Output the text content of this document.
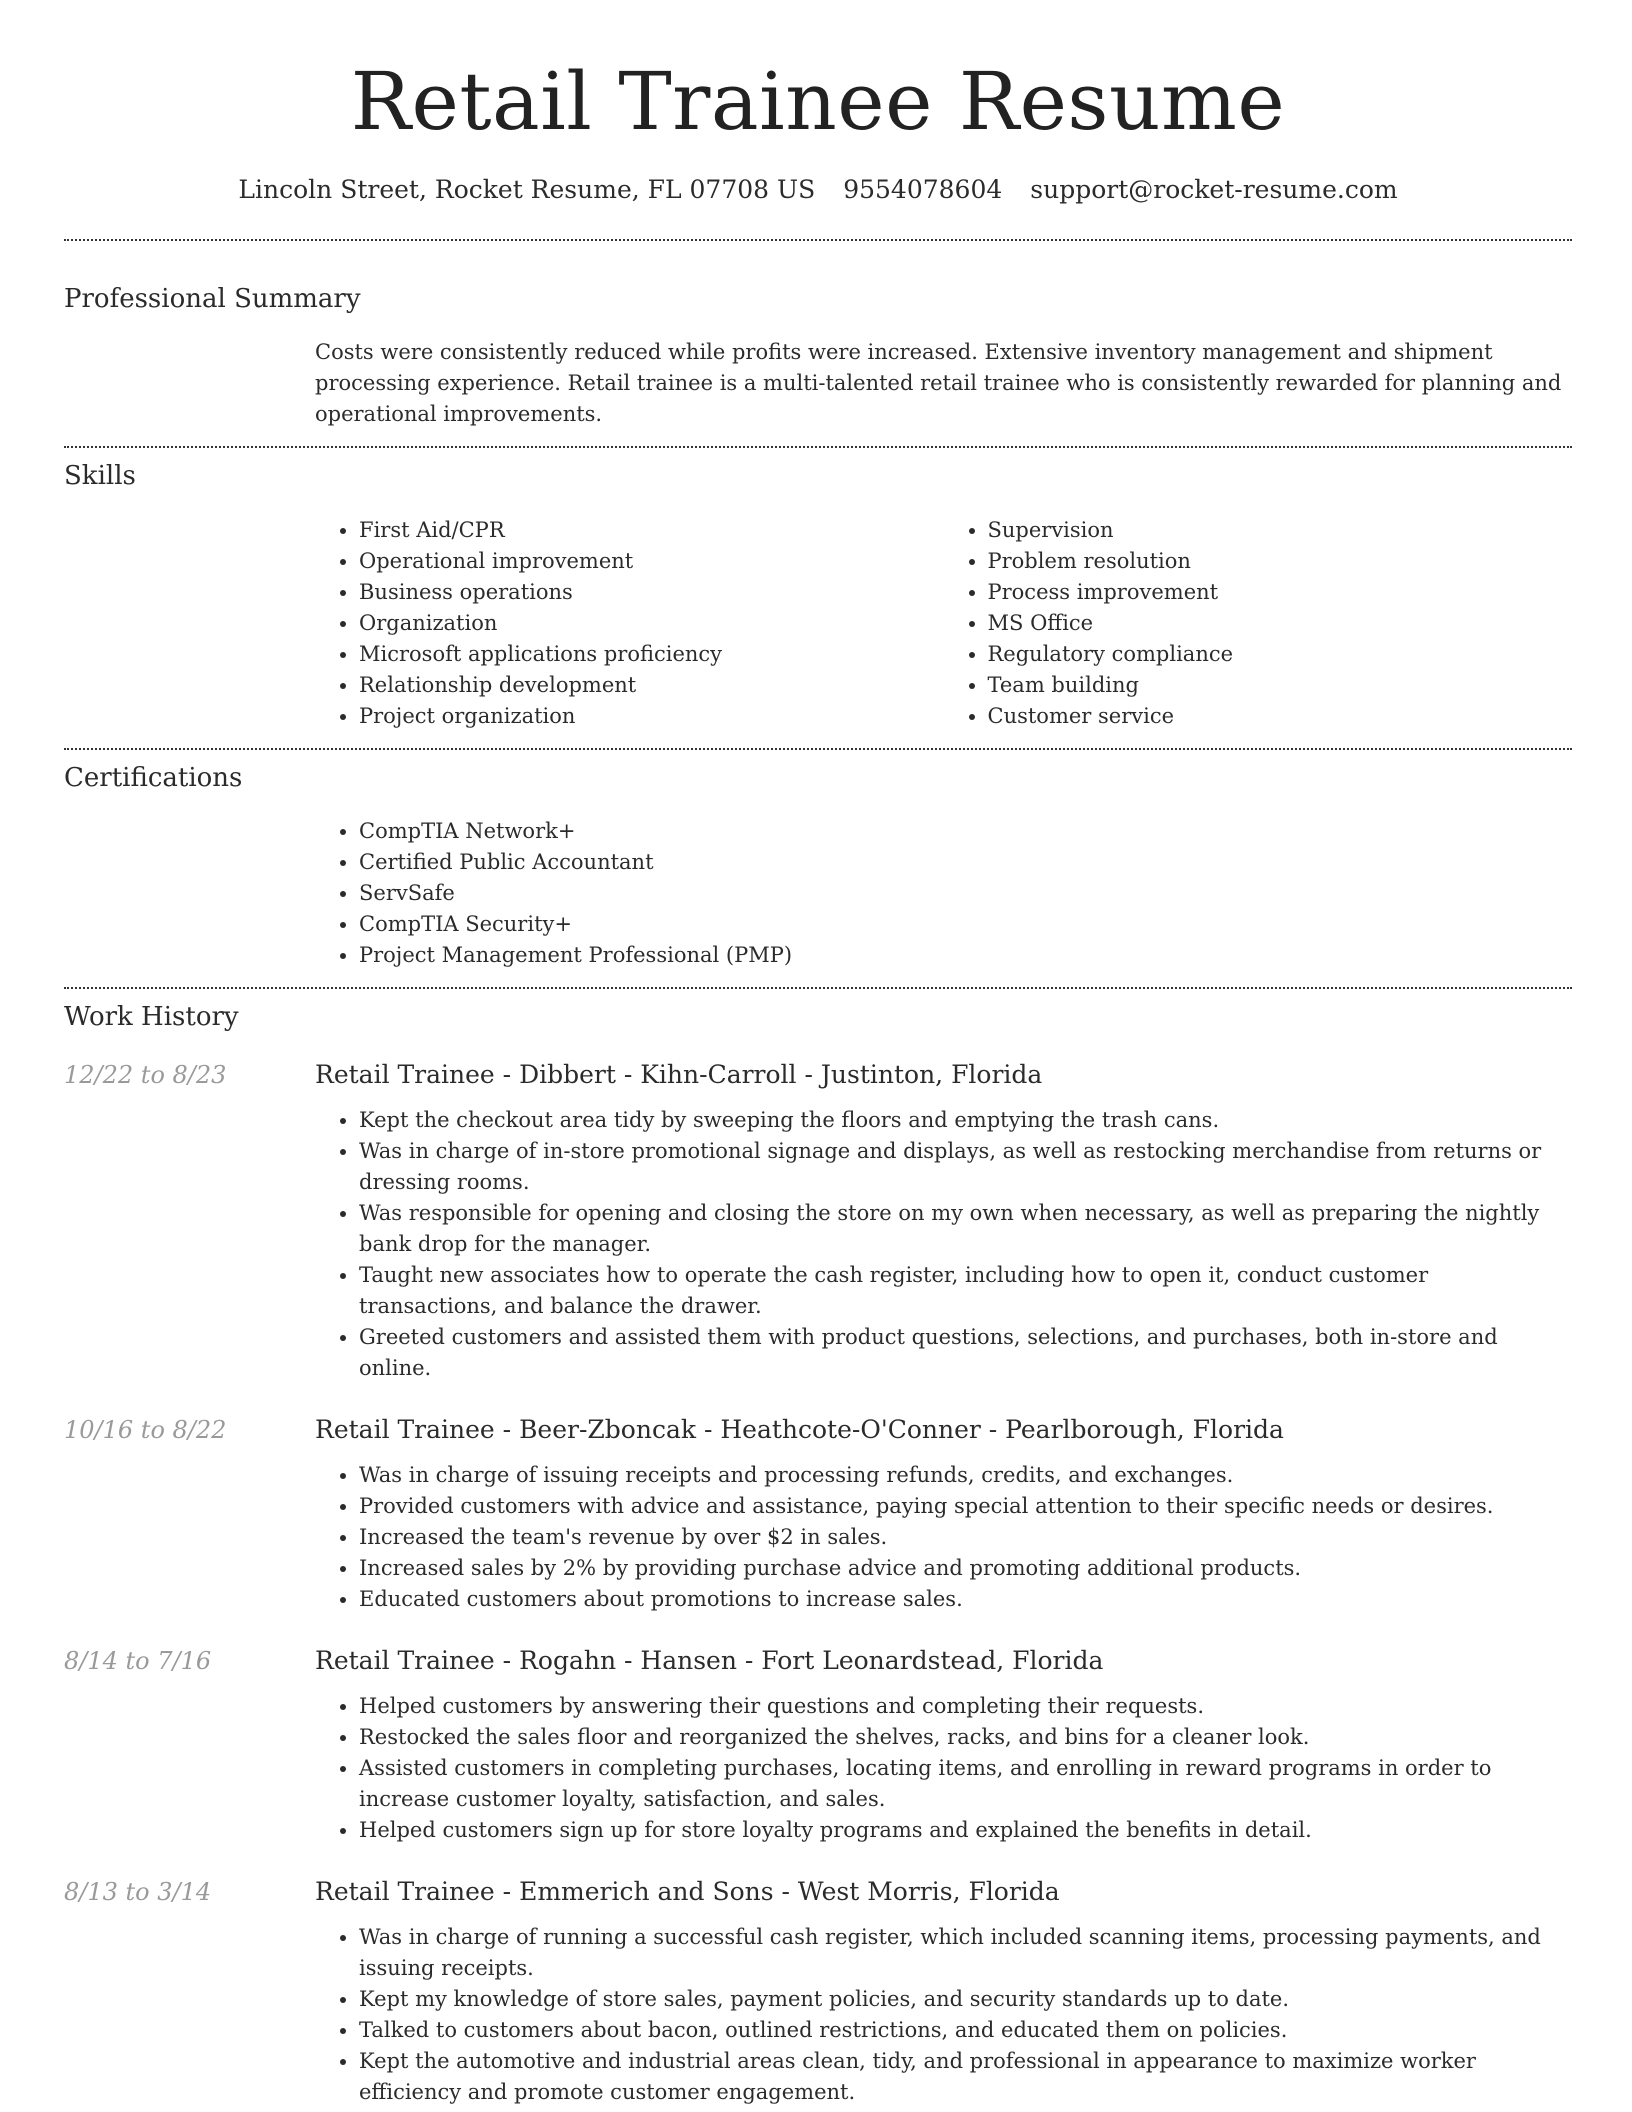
Retail Trainee Resume
Lincoln Street, Rocket Resume, FL 07708 US 9554078604 support@rocket-resume.com
Professional Summary

Costs were consistently reduced while profits were increased. Extensive inventory management and shipment processing experience. Retail trainee is a multi-talented retail trainee who is consistently rewarded for planning and operational improvements.

Skills
• First Aid/CPR
• Operational improvement
• Business operations
• Organization
• Microsoft applications proficiency
• Relationship development
• Project organization
• Supervision
• Problem resolution
• Process improvement
• MS Office
• Regulatory compliance
• Team building
• Customer service
Certifications
• CompTIA Network+
• Certified Public Accountant
• ServSafe
• CompTIA Security+
• Project Management Professional (PMP)
Work History
12/22 to 8/23	Retail Trainee - Dibbert - Kihn-Carroll - Justinton, Florida
• Kept the checkout area tidy by sweeping the floors and emptying the trash cans.
• Was in charge of in-store promotional signage and displays, as well as restocking merchandise from returns or dressing rooms.
• Was responsible for opening and closing the store on my own when necessary, as well as preparing the nightly bank drop for the manager.
• Taught new associates how to operate the cash register, including how to open it, conduct customer transactions, and balance the drawer.
• Greeted customers and assisted them with product questions, selections, and purchases, both in-store and online.
10/16 to 8/22	Retail Trainee - Beer-Zboncak - Heathcote-O'Conner - Pearlborough, Florida
• Was in charge of issuing receipts and processing refunds, credits, and exchanges.
• Provided customers with advice and assistance, paying special attention to their specific needs or desires.
• Increased the team's revenue by over $2 in sales.
• Increased sales by 2% by providing purchase advice and promoting additional products.
• Educated customers about promotions to increase sales.
8/14 to 7/16	Retail Trainee - Rogahn - Hansen - Fort Leonardstead, Florida
• Helped customers by answering their questions and completing their requests.
• Restocked the sales floor and reorganized the shelves, racks, and bins for a cleaner look.
• Assisted customers in completing purchases, locating items, and enrolling in reward programs in order to increase customer loyalty, satisfaction, and sales.
• Helped customers sign up for store loyalty programs and explained the benefits in detail.
8/13 to 3/14	Retail Trainee - Emmerich and Sons - West Morris, Florida
• Was in charge of running a successful cash register, which included scanning items, processing payments, and issuing receipts.
• Kept my knowledge of store sales, payment policies, and security standards up to date.
• Talked to customers about bacon, outlined restrictions, and educated them on policies.
• Kept the automotive and industrial areas clean, tidy, and professional in appearance to maximize worker efficiency and promote customer engagement.
